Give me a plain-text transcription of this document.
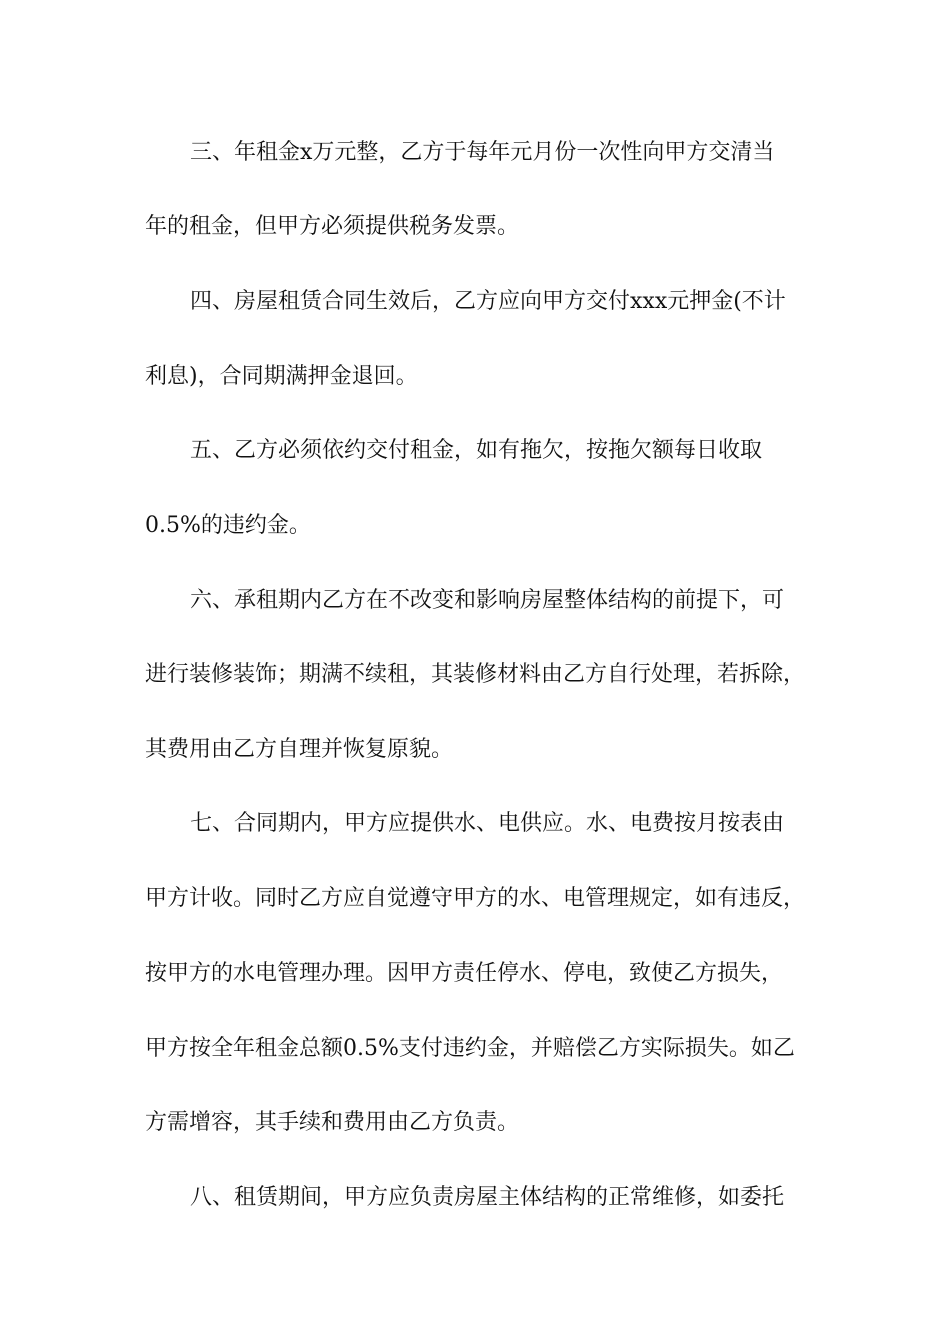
三、年租金x万元整，乙方于每年元月份一次性向甲方交清当
年的租金，但甲方必须提供税务发票。
四、房屋租赁合同生效后，乙方应向甲方交付xxx元押金(不计
利息)，合同期满押金退回。
五、乙方必须依约交付租金，如有拖欠，按拖欠额每日收取
0.5%的违约金。
六、承租期内乙方在不改变和影响房屋整体结构的前提下，可
进行装修装饰；期满不续租，其装修材料由乙方自行处理，若拆除，
其费用由乙方自理并恢复原貌。
七、合同期内，甲方应提供水、电供应。水、电费按月按表由
甲方计收。同时乙方应自觉遵守甲方的水、电管理规定，如有违反，
按甲方的水电管理办理。因甲方责任停水、停电，致使乙方损失，
甲方按全年租金总额0.5%支付违约金，并赔偿乙方实际损失。如乙
方需增容，其手续和费用由乙方负责。
八、租赁期间，甲方应负责房屋主体结构的正常维修，如委托
